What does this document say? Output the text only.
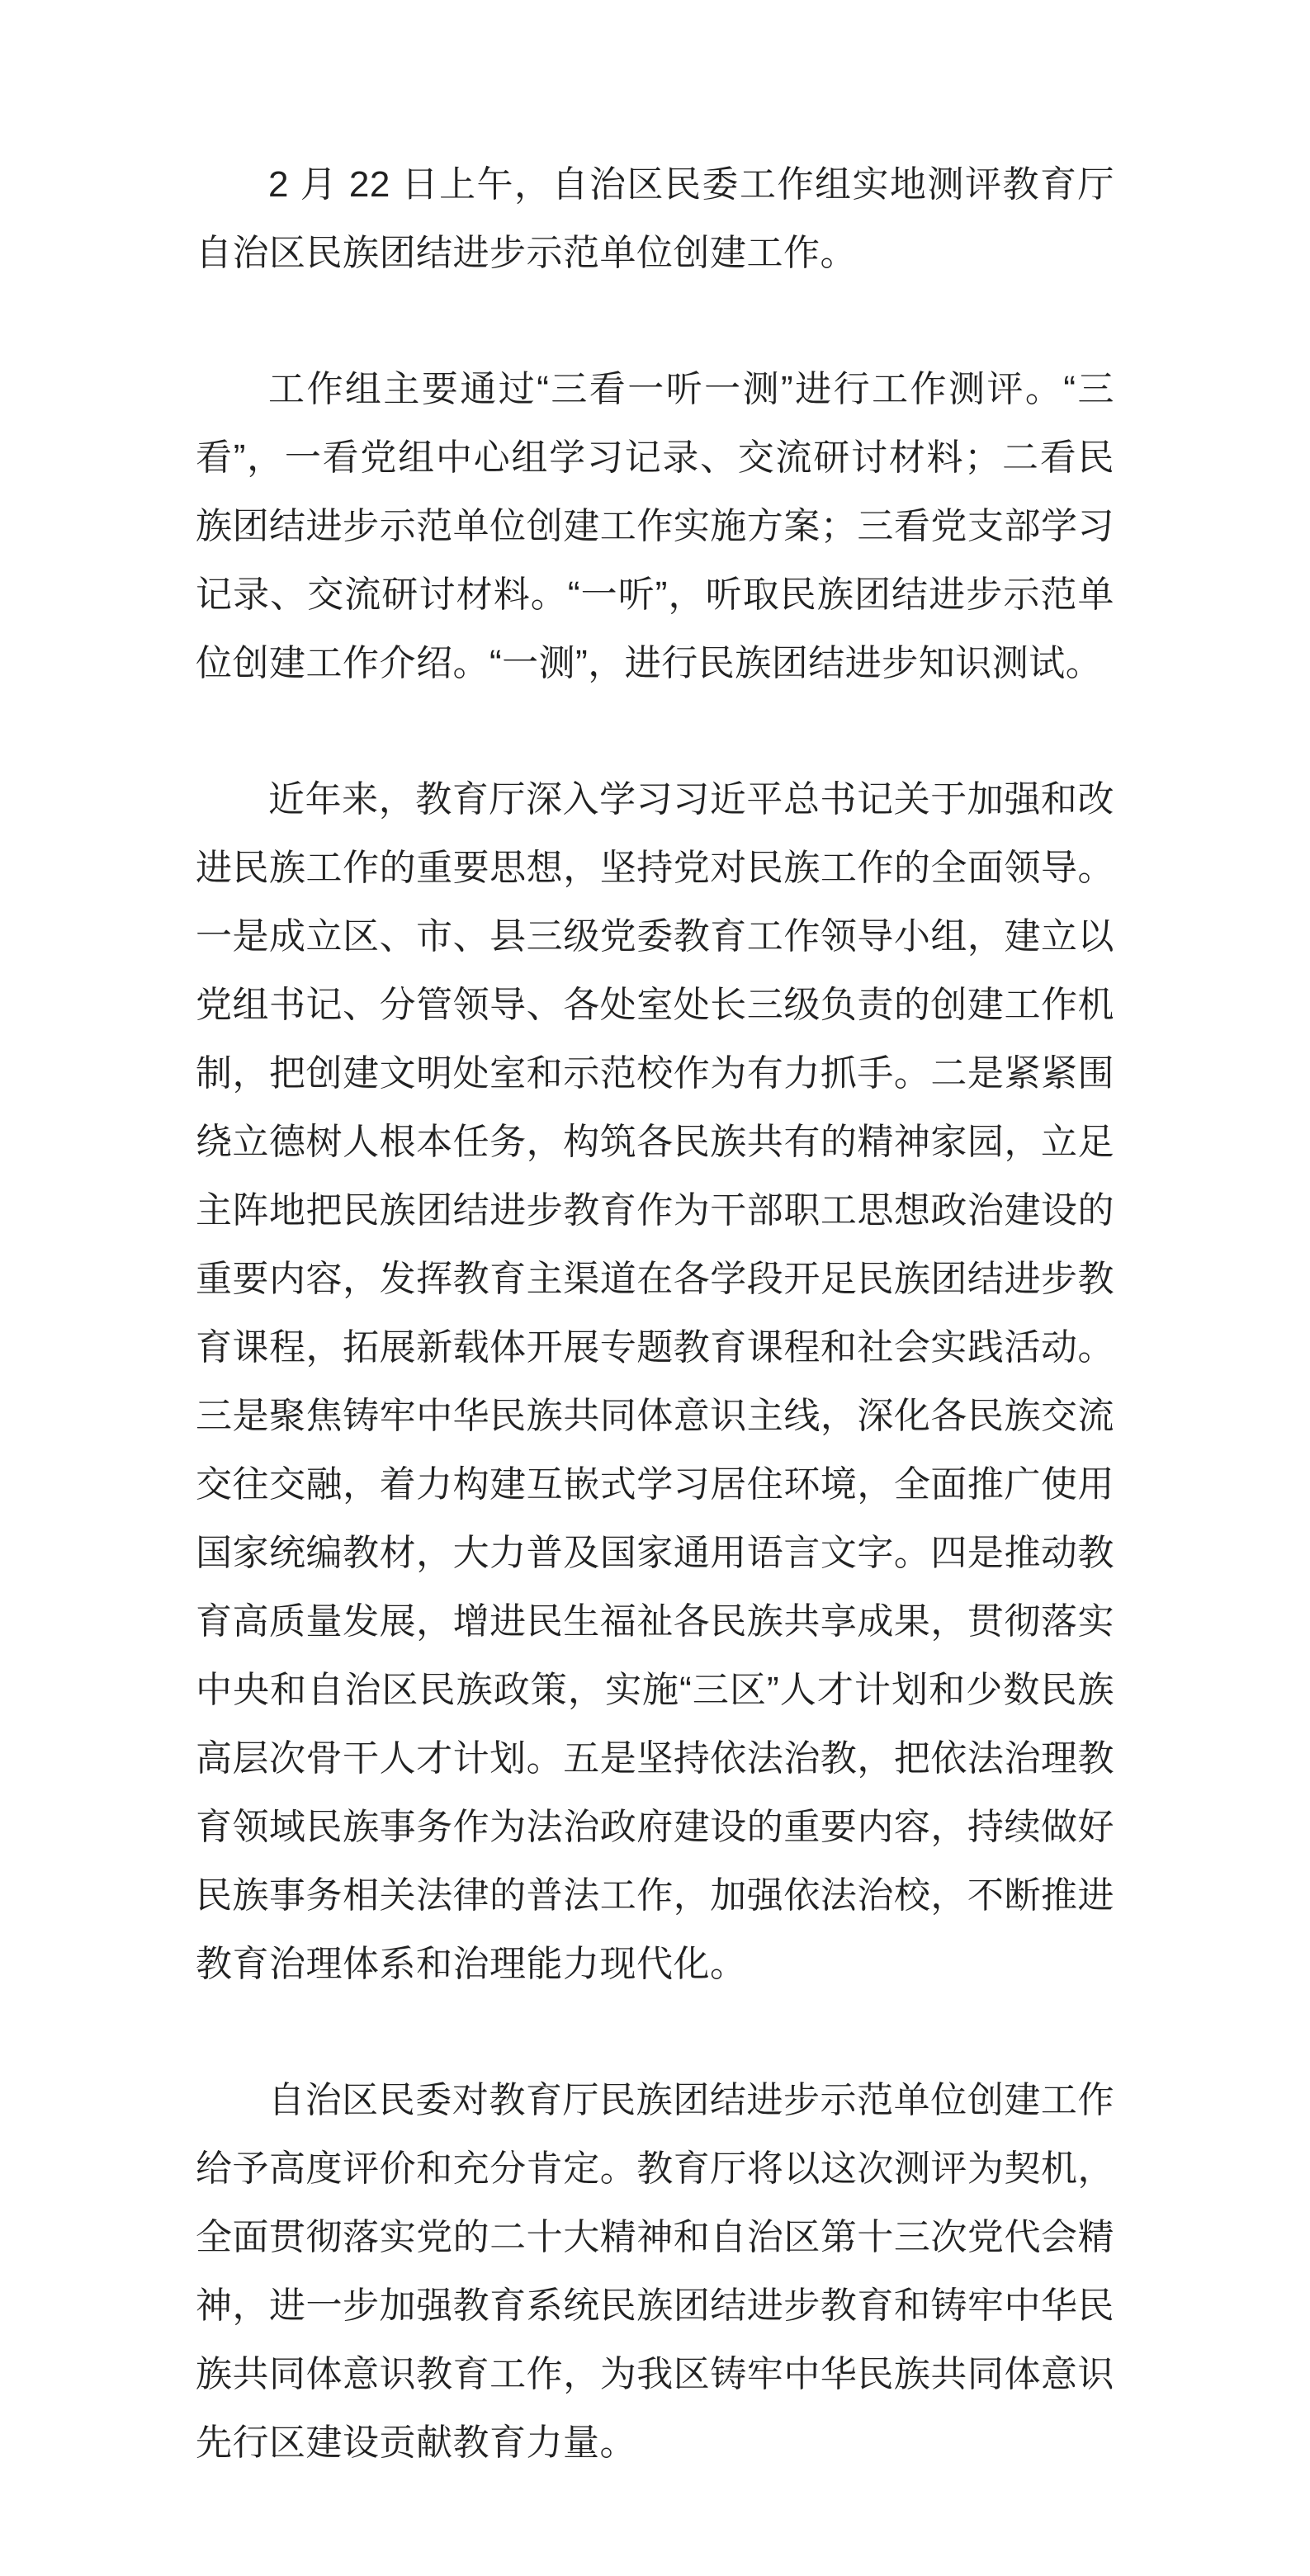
2 月 22 日上午，自治区民委工作组实地测评教育厅自治区民族团结进步示范单位创建工作。

工作组主要通过“三看一听一测”进行工作测评。“三看”，一看党组中心组学习记录、交流研讨材料；二看民族团结进步示范单位创建工作实施方案；三看党支部学习记录、交流研讨材料。“一听”，听取民族团结进步示范单位创建工作介绍。“一测”，进行民族团结进步知识测试。

近年来，教育厅深入学习习近平总书记关于加强和改进民族工作的重要思想，坚持党对民族工作的全面领导。一是成立区、市、县三级党委教育工作领导小组，建立以党组书记、分管领导、各处室处长三级负责的创建工作机制，把创建文明处室和示范校作为有力抓手。二是紧紧围绕立德树人根本任务，构筑各民族共有的精神家园，立足主阵地把民族团结进步教育作为干部职工思想政治建设的重要内容，发挥教育主渠道在各学段开足民族团结进步教育课程，拓展新载体开展专题教育课程和社会实践活动。三是聚焦铸牢中华民族共同体意识主线，深化各民族交流交往交融，着力构建互嵌式学习居住环境，全面推广使用国家统编教材，大力普及国家通用语言文字。四是推动教育高质量发展，增进民生福祉各民族共享成果，贯彻落实中央和自治区民族政策，实施“三区”人才计划和少数民族高层次骨干人才计划。五是坚持依法治教，把依法治理教育领域民族事务作为法治政府建设的重要内容，持续做好民族事务相关法律的普法工作，加强依法治校，不断推进教育治理体系和治理能力现代化。

自治区民委对教育厅民族团结进步示范单位创建工作给予高度评价和充分肯定。教育厅将以这次测评为契机，全面贯彻落实党的二十大精神和自治区第十三次党代会精神，进一步加强教育系统民族团结进步教育和铸牢中华民族共同体意识教育工作，为我区铸牢中华民族共同体意识先行区建设贡献教育力量。
